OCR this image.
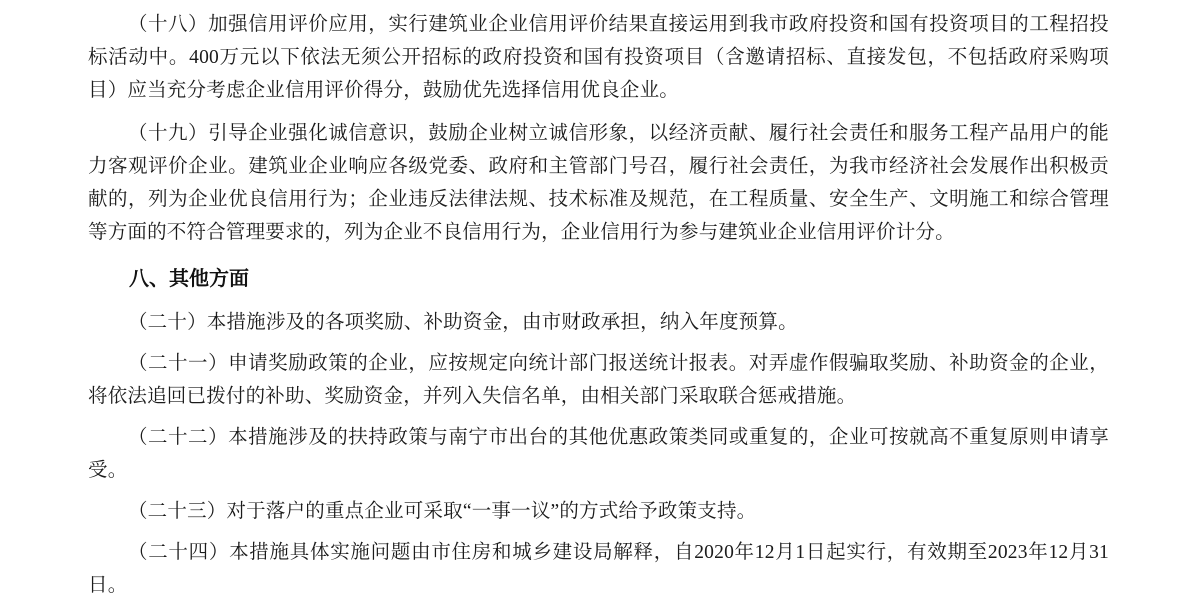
（十八）加强信用评价应用，实行建筑业企业信用评价结果直接运用到我市政府投资和国有投资项目的工程招投标活动中。400万元以下依法无须公开招标的政府投资和国有投资项目（含邀请招标、直接发包，不包括政府采购项目）应当充分考虑企业信用评价得分，鼓励优先选择信用优良企业。

（十九）引导企业强化诚信意识，鼓励企业树立诚信形象，以经济贡献、履行社会责任和服务工程产品用户的能力客观评价企业。建筑业企业响应各级党委、政府和主管部门号召，履行社会责任，为我市经济社会发展作出积极贡献的，列为企业优良信用行为；企业违反法律法规、技术标准及规范，在工程质量、安全生产、文明施工和综合管理等方面的不符合管理要求的，列为企业不良信用行为，企业信用行为参与建筑业企业信用评价计分。

八、其他方面

（二十）本措施涉及的各项奖励、补助资金，由市财政承担，纳入年度预算。

（二十一）申请奖励政策的企业，应按规定向统计部门报送统计报表。对弄虚作假骗取奖励、补助资金的企业，将依法追回已拨付的补助、奖励资金，并列入失信名单，由相关部门采取联合惩戒措施。

（二十二）本措施涉及的扶持政策与南宁市出台的其他优惠政策类同或重复的，企业可按就高不重复原则申请享受。

（二十三）对于落户的重点企业可采取“一事一议”的方式给予政策支持。

（二十四）本措施具体实施问题由市住房和城乡建设局解释，自2020年12月1日起实行，有效期至2023年12月31日。
